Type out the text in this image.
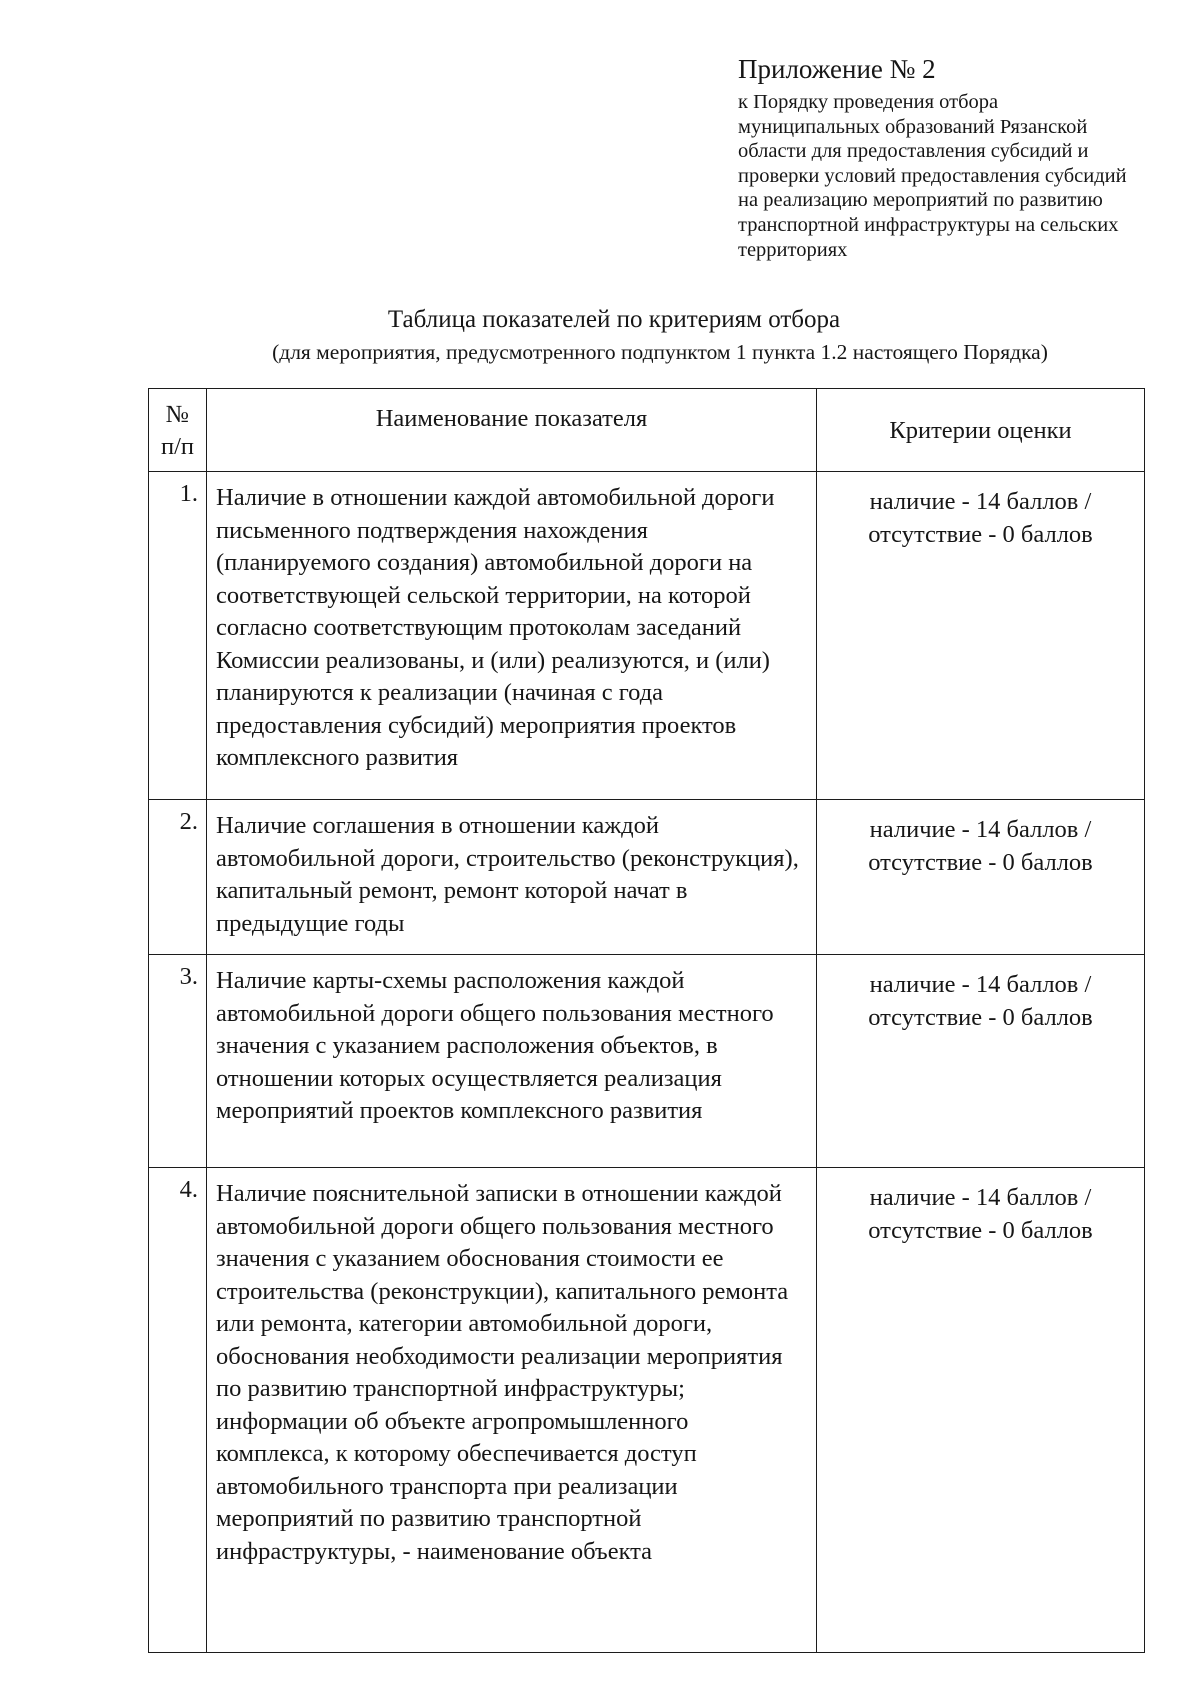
Приложение № 2
к Порядку проведения отбора
муниципальных образований Рязанской
области для предоставления субсидий и
проверки условий предоставления субсидий
на реализацию мероприятий по развитию
транспортной инфраструктуры на сельских
территориях
Таблица показателей по критериям отбора
(для мероприятия, предусмотренного подпунктом 1 пункта 1.2 настоящего Порядка)
№
п/п	Наименование показателя	Критерии оценки
1.	Наличие в отношении каждой автомобильной дороги письменного подтверждения нахождения (планируемого создания) автомобильной дороги на соответствующей сельской территории, на которой согласно соответствующим протоколам заседаний Комиссии реализованы, и (или) реализуются, и (или) планируются к реализации (начиная с года предоставления субсидий) мероприятия проектов комплексного развития	наличие - 14 баллов /
отсутствие - 0 баллов

2.	Наличие соглашения в отношении каждой автомобильной дороги, строительство (реконструкция), капитальный ремонт, ремонт которой начат в предыдущие годы	наличие - 14 баллов /
отсутствие - 0 баллов

3.	Наличие карты-схемы расположения каждой автомобильной дороги общего пользования местного значения с указанием расположения объектов, в отношении которых осуществляется реализация мероприятий проектов комплексного развития	наличие - 14 баллов /
отсутствие - 0 баллов

4.	Наличие пояснительной записки в отношении каждой автомобильной дороги общего пользования местного значения с указанием обоснования стоимости ее строительства (реконструкции), капитального ремонта или ремонта, категории автомобильной дороги, обоснования необходимости реализации мероприятия по развитию транспортной инфраструктуры;
информации об объекте агропромышленного комплекса, к которому обеспечивается доступ автомобильного транспорта при реализации мероприятий по развитию транспортной инфраструктуры, - наименование объекта	наличие - 14 баллов /
отсутствие - 0 баллов
